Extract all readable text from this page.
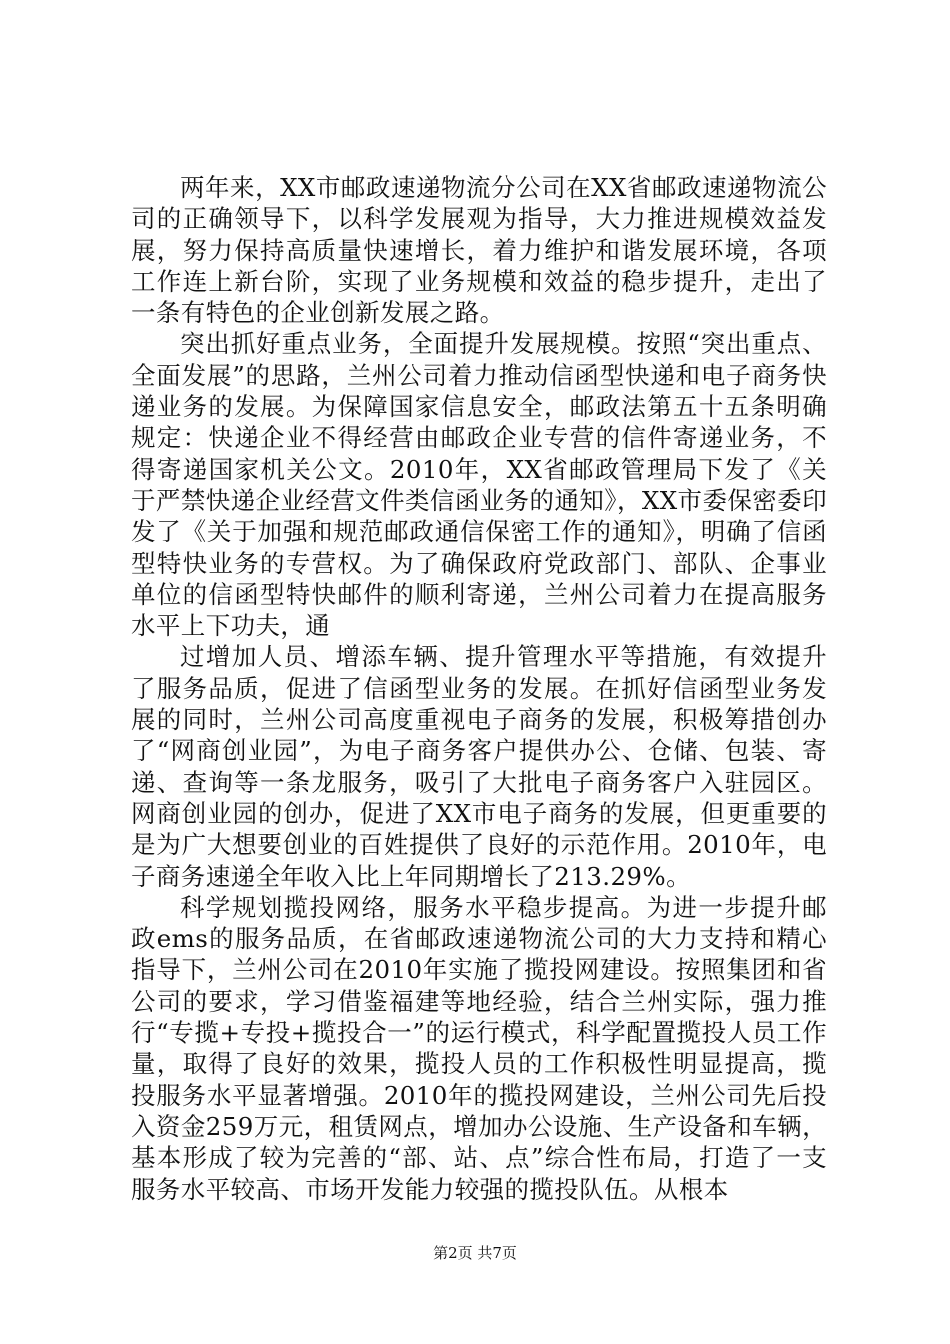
两年来，XX市邮政速递物流分公司在XX省邮政速递物流公司的正确领导下，以科学发展观为指导，大力推进规模效益发展，努力保持高质量快速增长，着力维护和谐发展环境，各项工作连上新台阶，实现了业务规模和效益的稳步提升，走出了一条有特色的企业创新发展之路。

突出抓好重点业务，全面提升发展规模。按照“突出重点、全面发展”的思路，兰州公司着力推动信函型快递和电子商务快递业务的发展。为保障国家信息安全，邮政法第五十五条明确规定：快递企业不得经营由邮政企业专营的信件寄递业务，不得寄递国家机关公文。2010年，XX省邮政管理局下发了《关于严禁快递企业经营文件类信函业务的通知》，XX市委保密委印发了《关于加强和规范邮政通信保密工作的通知》，明确了信函型特快业务的专营权。为了确保政府党政部门、部队、企事业单位的信函型特快邮件的顺利寄递，兰州公司着力在提高服务水平上下功夫，通

过增加人员、增添车辆、提升管理水平等措施，有效提升了服务品质，促进了信函型业务的发展。在抓好信函型业务发展的同时，兰州公司高度重视电子商务的发展，积极筹措创办了“网商创业园”，为电子商务客户提供办公、仓储、包装、寄递、查询等一条龙服务，吸引了大批电子商务客户入驻园区。网商创业园的创办，促进了XX市电子商务的发展，但更重要的是为广大想要创业的百姓提供了良好的示范作用。2010年，电子商务速递全年收入比上年同期增长了213.29%。

科学规划揽投网络，服务水平稳步提高。为进一步提升邮政ems的服务品质，在省邮政速递物流公司的大力支持和精心指导下，兰州公司在2010年实施了揽投网建设。按照集团和省公司的要求，学习借鉴福建等地经验，结合兰州实际，强力推行“专揽+专投+揽投合一”的运行模式，科学配置揽投人员工作量，取得了良好的效果，揽投人员的工作积极性明显提高，揽投服务水平显著增强。2010年的揽投网建设，兰州公司先后投入资金259万元，租赁网点，增加办公设施、生产设备和车辆，基本形成了较为完善的“部、站、点”综合性布局，打造了一支服务水平较高、市场开发能力较强的揽投队伍。从根本

第2页 共7页
